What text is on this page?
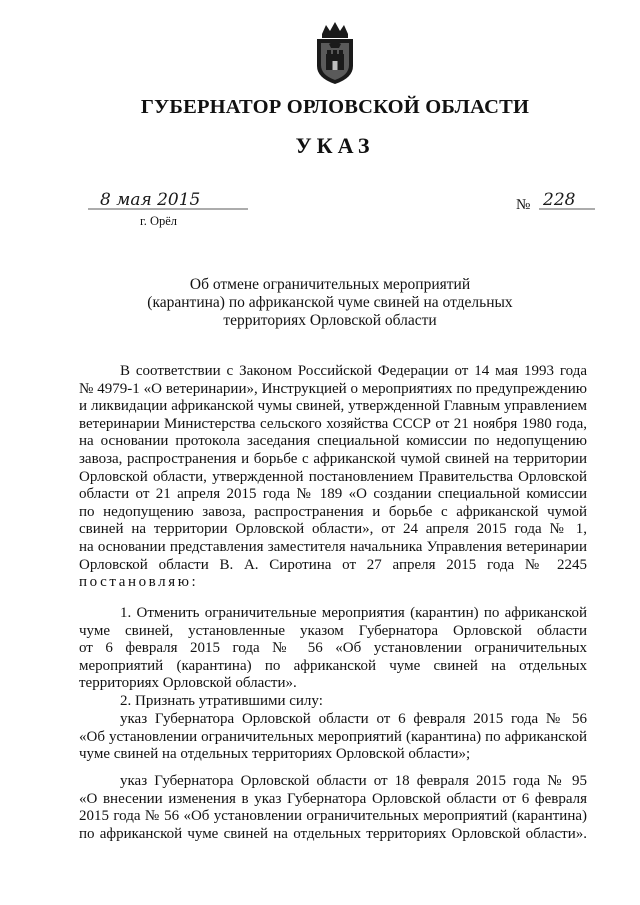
ГУБЕРНАТОР ОРЛОВСКОЙ ОБЛАСТИ
УКАЗ
8 мая 2015
г. Орёл
№ 228
Об отмене ограничительных мероприятий
(карантина) по африканской чуме свиней на отдельных
территориях Орловской области
В соответствии с Законом Российской Федерации от 14 мая 1993 года
№ 4979-1 «О ветеринарии», Инструкцией о мероприятиях по предупреждению
и ликвидации африканской чумы свиней, утвержденной Главным управлением
ветеринарии Министерства сельского хозяйства СССР от 21 ноября 1980 года,
на основании протокола заседания специальной комиссии по недопущению
завоза, распространения и борьбе с африканской чумой свиней на территории
Орловской области, утвержденной постановлением Правительства Орловской
области от 21 апреля 2015 года № 189 «О создании специальной комиссии
по недопущению завоза, распространения и борьбе с африканской чумой
свиней на территории Орловской области», от 24 апреля 2015 года № 1,
на основании представления заместителя начальника Управления ветеринарии
Орловской области В. А. Сиротина от 27 апреля 2015 года № 2245
постановляю:
1. Отменить ограничительные мероприятия (карантин) по африканской
чуме свиней, установленные указом Губернатора Орловской области
от 6 февраля 2015 года № 56 «Об установлении ограничительных
мероприятий (карантина) по африканской чуме свиней на отдельных
территориях Орловской области».
2. Признать утратившими силу:
указ Губернатора Орловской области от 6 февраля 2015 года № 56
«Об установлении ограничительных мероприятий (карантина) по африканской
чуме свиней на отдельных территориях Орловской области»;
указ Губернатора Орловской области от 18 февраля 2015 года № 95
«О внесении изменения в указ Губернатора Орловской области от 6 февраля
2015 года № 56 «Об установлении ограничительных мероприятий (карантина)
по африканской чуме свиней на отдельных территориях Орловской области».
